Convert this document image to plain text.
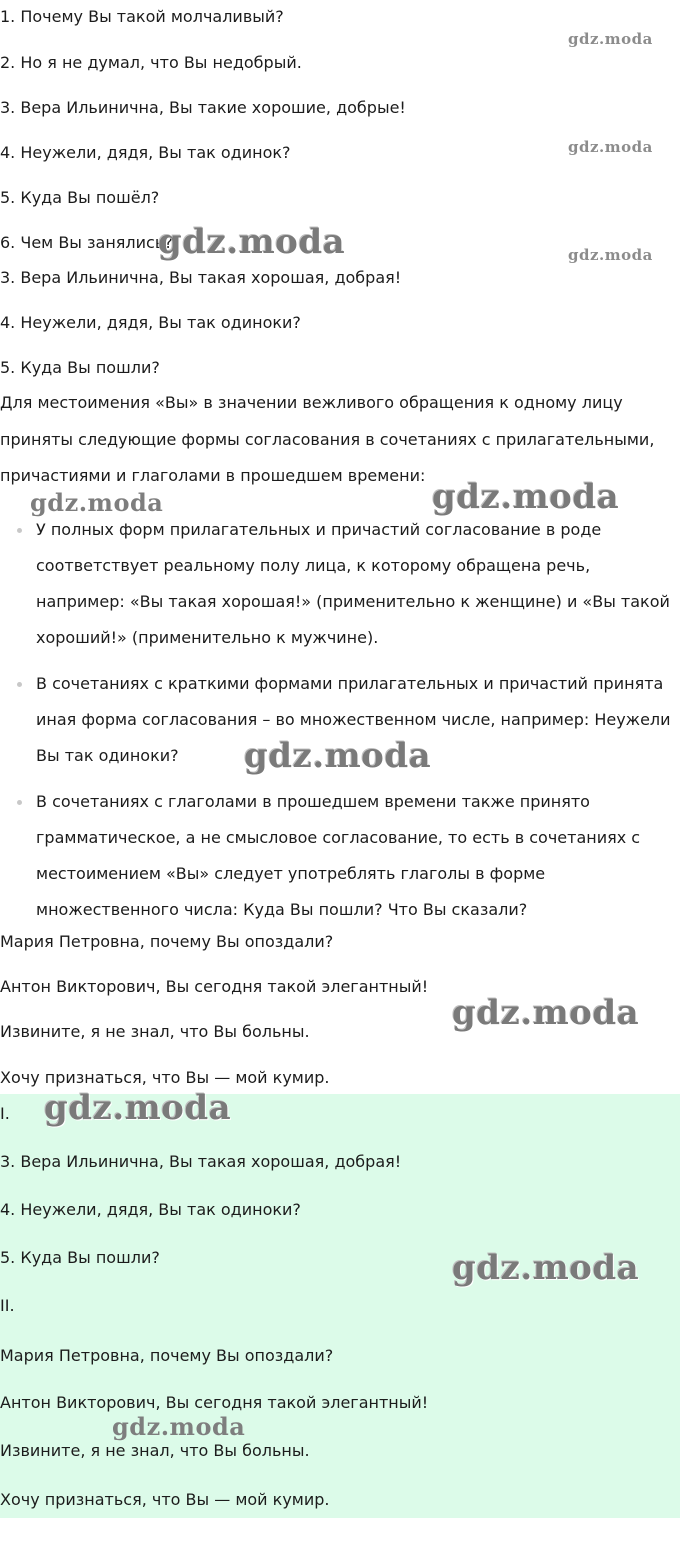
1. Почему Вы такой молчаливый?
2. Но я не думал, что Вы недобрый.
3. Вера Ильинична, Вы такие хорошие, добрые!
4. Неужели, дядя, Вы так одинок?
5. Куда Вы пошёл?
6. Чем Вы занялись?
3. Вера Ильинична, Вы такая хорошая, добрая!
4. Неужели, дядя, Вы так одиноки?
5. Куда Вы пошли?
Для местоимения «Вы» в значении вежливого обращения к одному лицу
приняты следующие формы согласования в сочетаниях с прилагательными,
причастиями и глаголами в прошедшем времени:
У полных форм прилагательных и причастий согласование в роде
соответствует реальному полу лица, к которому обращена речь,
например: «Вы такая хорошая!» (применительно к женщине) и «Вы такой
хороший!» (применительно к мужчине).
В сочетаниях с краткими формами прилагательных и причастий принята
иная форма согласования – во множественном числе, например: Неужели
Вы так одиноки?
В сочетаниях с глаголами в прошедшем времени также принято
грамматическое, а не смысловое согласование, то есть в сочетаниях с
местоимением «Вы» следует употреблять глаголы в форме
множественного числа: Куда Вы пошли? Что Вы сказали?
Мария Петровна, почему Вы опоздали?
Антон Викторович, Вы сегодня такой элегантный!
Извините, я не знал, что Вы больны.
Хочу признаться, что Вы — мой кумир.
I.
3. Вера Ильинична, Вы такая хорошая, добрая!
4. Неужели, дядя, Вы так одиноки?
5. Куда Вы пошли?
II.
Мария Петровна, почему Вы опоздали?
Антон Викторович, Вы сегодня такой элегантный!
Извините, я не знал, что Вы больны.
Хочу признаться, что Вы — мой кумир.
gdz.moda
gdz.moda
gdz.moda	gdz.moda
gdz.moda	gdz.moda
gdz.moda
gdz.moda
gdz.moda
gdz.moda
gdz.moda
